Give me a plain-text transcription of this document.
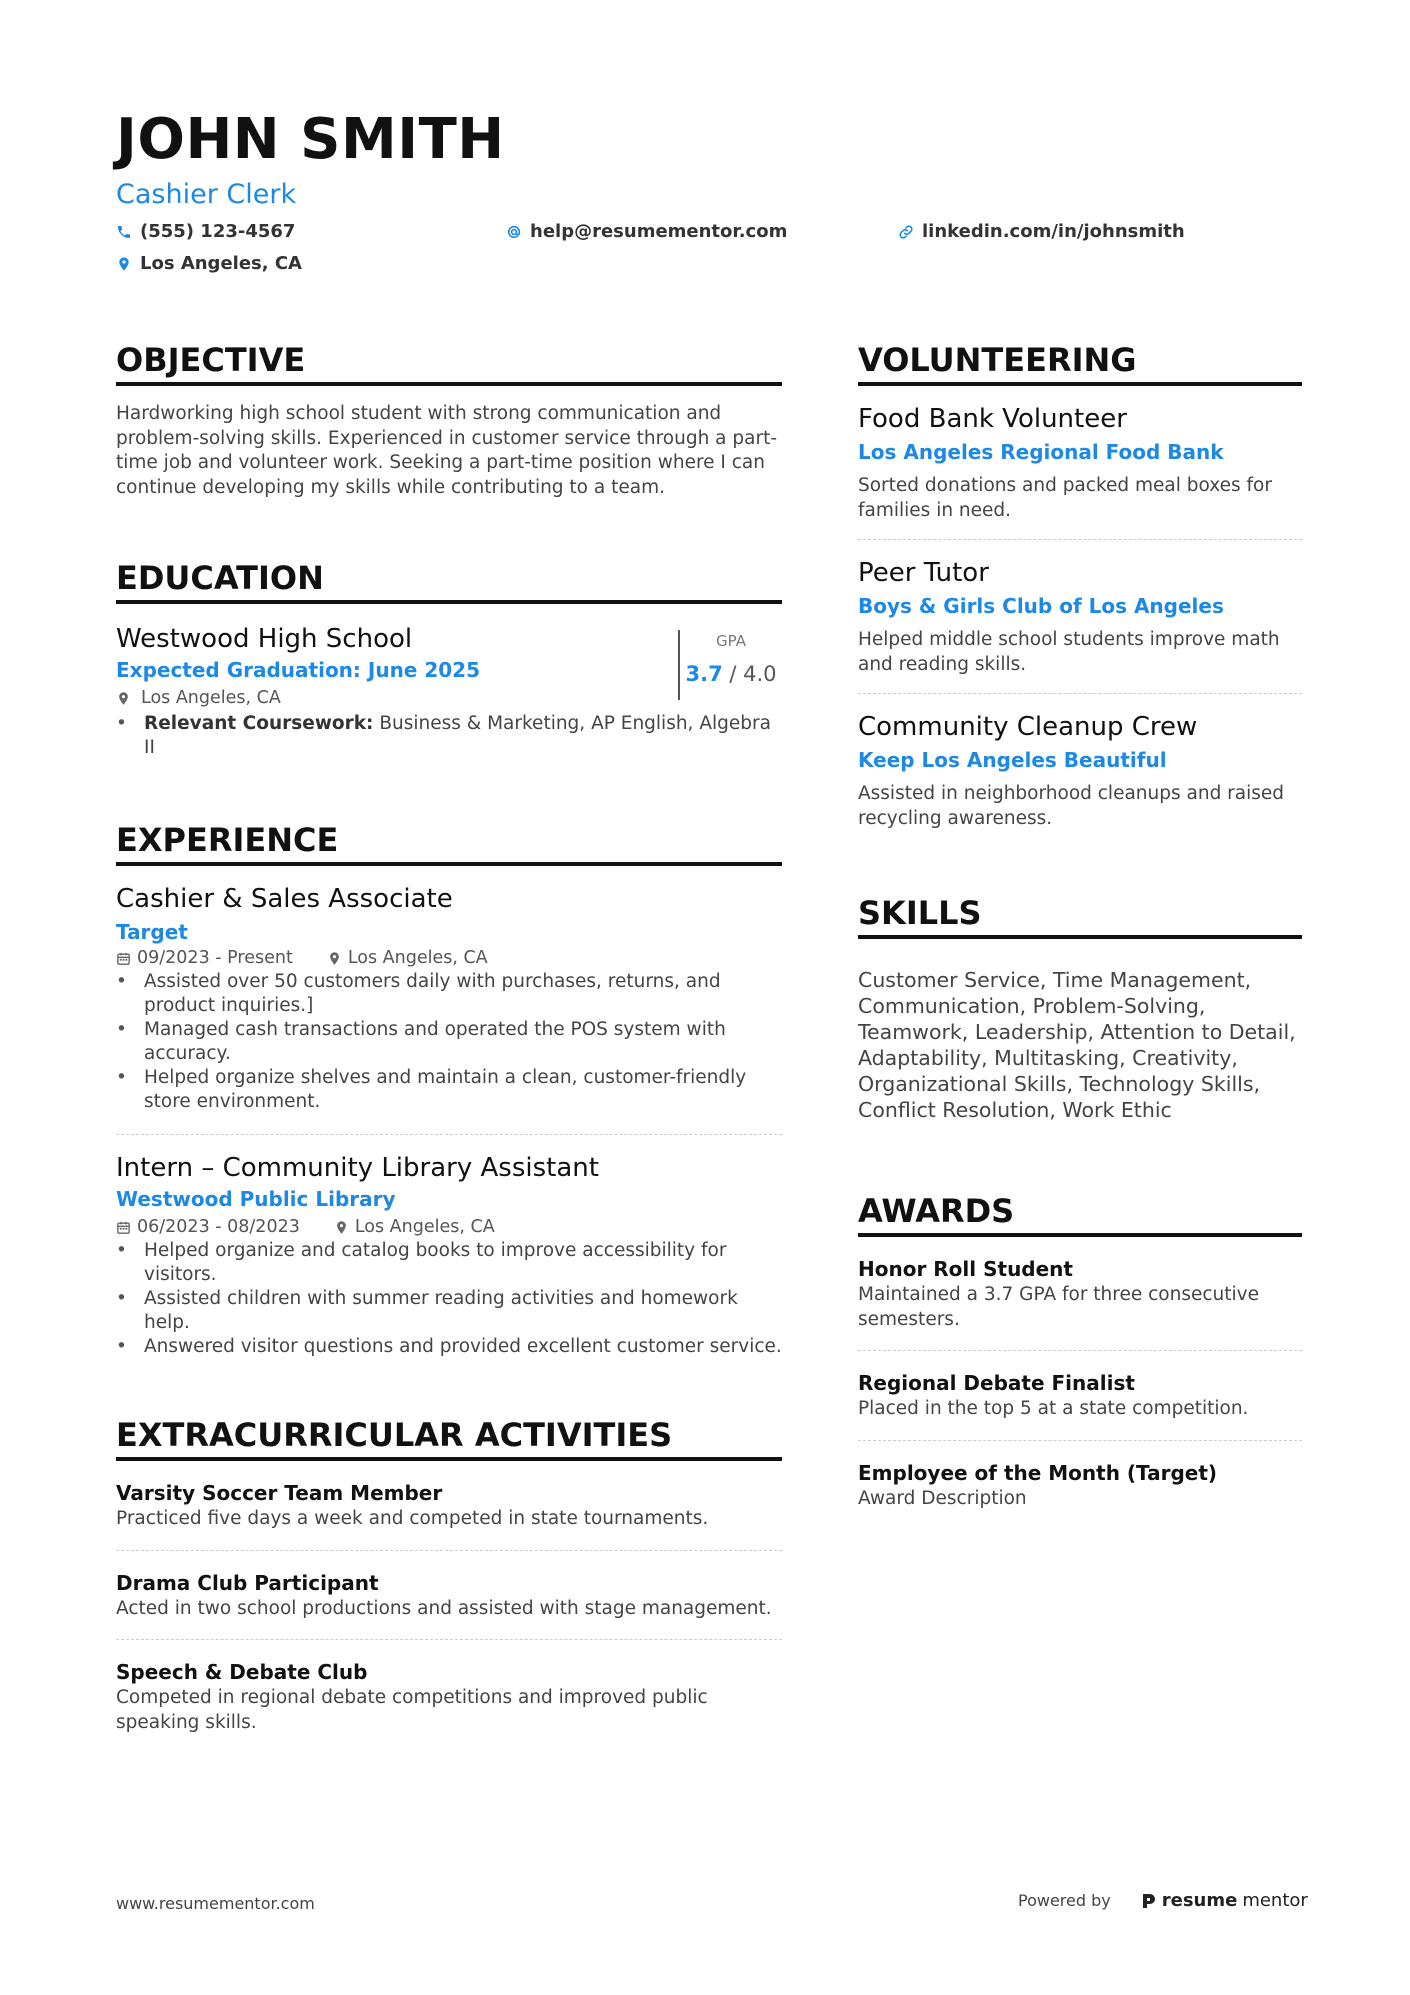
JOHN SMITH
Cashier Clerk
(555) 123-4567	help@resumementor.com	linkedin.com/in/johnsmith
Los Angeles, CA
OBJECTIVE
Hardworking high school student with strong communication and problem-solving skills. Experienced in customer service through a part-time job and volunteer work. Seeking a part-time position where I can continue developing my skills while contributing to a team.
EDUCATION
Westwood High School
Expected Graduation: June 2025
Los Angeles, CA
• Relevant Coursework: Business & Marketing, AP English, Algebra II
GPA
3.7 / 4.0
EXPERIENCE
Cashier & Sales Associate
Target
09/2023 - Present	Los Angeles, CA
• Assisted over 50 customers daily with purchases, returns, and product inquiries.]
• Managed cash transactions and operated the POS system with accuracy.
• Helped organize shelves and maintain a clean, customer-friendly store environment.
Intern – Community Library Assistant
Westwood Public Library
06/2023 - 08/2023	Los Angeles, CA
• Helped organize and catalog books to improve accessibility for visitors.
• Assisted children with summer reading activities and homework help.
• Answered visitor questions and provided excellent customer service.
EXTRACURRICULAR ACTIVITIES
Varsity Soccer Team Member
Practiced five days a week and competed in state tournaments.
Drama Club Participant
Acted in two school productions and assisted with stage management.
Speech & Debate Club
Competed in regional debate competitions and improved public speaking skills.
VOLUNTEERING
Food Bank Volunteer
Los Angeles Regional Food Bank
Sorted donations and packed meal boxes for families in need.
Peer Tutor
Boys & Girls Club of Los Angeles
Helped middle school students improve math and reading skills.
Community Cleanup Crew
Keep Los Angeles Beautiful
Assisted in neighborhood cleanups and raised recycling awareness.
SKILLS
Customer Service, Time Management, Communication, Problem-Solving, Teamwork, Leadership, Attention to Detail, Adaptability, Multitasking, Creativity, Organizational Skills, Technology Skills, Conflict Resolution, Work Ethic
AWARDS
Honor Roll Student
Maintained a 3.7 GPA for three consecutive semesters.
Regional Debate Finalist
Placed in the top 5 at a state competition.
Employee of the Month (Target)
Award Description
www.resumementor.com	Powered by	resume mentor
